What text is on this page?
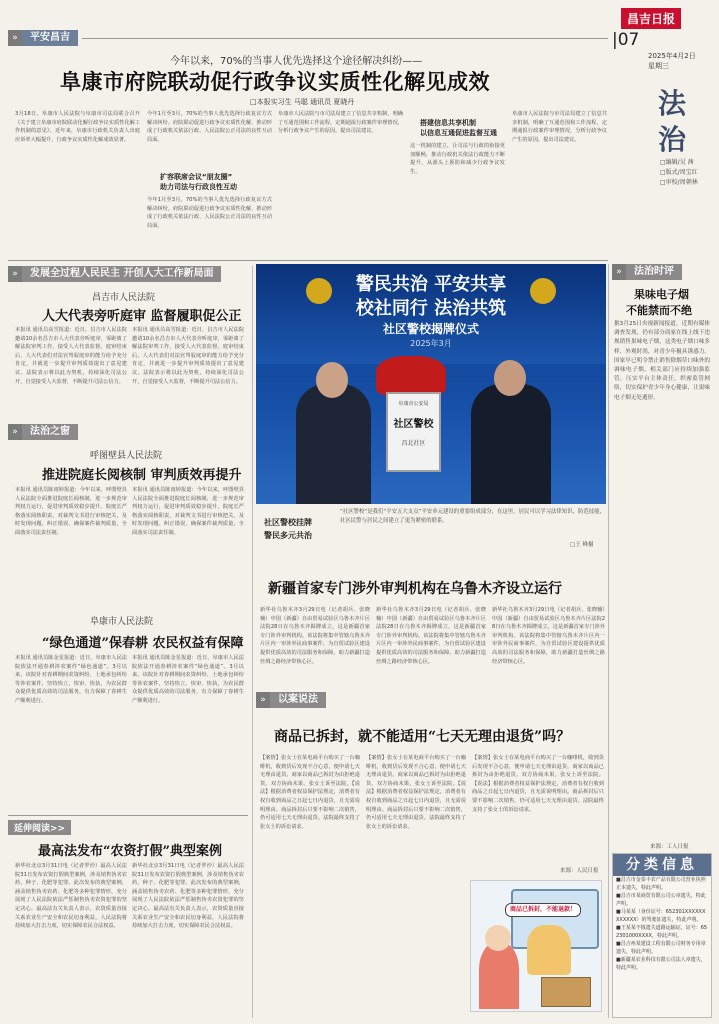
昌吉日报
|07
2025年4月2日
星期三
法
治
□编辑/吴 茜
□版式/周宝红
□审校/周朝林
»	平安昌吉
今年以来，70%的当事人优先选择这个途径解决纠纷——
阜康市府院联动促行政争议实质性化解见成效
□本报实习生 马聪 通讯员 夏晓丹
3月18日，阜康市人民法院与阜康市司法局联合召开《关于建立阜康市府院联动化解行政争议实质性化解工作机制的意见》。近年来，阜康市行政机关负责人出庭应诉率大幅提升，行政争议实质性化解成效显著。
今年1月至3月，70%的当事人优先选择行政复议方式解决纠纷。府院联动促进行政争议实质性化解，推动形成了行政机关依法行政、人民法院公正司法的良性互动局面。
扩容联席会议“朋友圈”
助力司法与行政良性互动
今年1月至3月，70%的当事人优先选择行政复议方式解决纠纷。府院联动促进行政争议实质性化解，推动形成了行政机关依法行政、人民法院公正司法的良性互动局面。
阜康市人民法院与市司法局建立了信息共享机制，明确了互通范围和工作流程，定期通报行政案件审理情况，分析行政争议产生的原因，提出司法建议。
搭建信息共享机制
以信息互通促进监督互通
这一机制的建立，让司法与行政的衔接更加顺畅，推动行政机关依法行政能力不断提升，从源头上预防和减少行政争议发生。
阜康市人民法院与市司法局建立了信息共享机制，明确了互通范围和工作流程，定期通报行政案件审理情况，分析行政争议产生的原因，提出司法建议。
»	发展全过程人民民主 开创人大工作新局面
昌吉市人民法院
人大代表旁听庭审 监督履职促公正
本报讯 通讯员高雪报道：近日，昌吉市人民法院邀请10余名昌吉市人大代表旁听庭审，零距离了解法院审判工作，接受人大代表监督。庭审结束后，人大代表们对法官驾驭庭审的能力给予充分肯定，并就进一步提升审判质效提出了意见建议。法院表示将以此为契机，持续深化司法公开，自觉接受人大监督，不断提升司法公信力。
本报讯 通讯员高雪报道：近日，昌吉市人民法院邀请10余名昌吉市人大代表旁听庭审，零距离了解法院审判工作，接受人大代表监督。庭审结束后，人大代表们对法官驾驭庭审的能力给予充分肯定，并就进一步提升审判质效提出了意见建议。法院表示将以此为契机，持续深化司法公开，自觉接受人大监督，不断提升司法公信力。
»	法治之窗
呼图壁县人民法院
推进院庭长阅核制 审判质效再提升
本报讯 通讯员陈雨婷报道：今年以来，呼图壁县人民法院全面推进院庭长阅核制，进一步规范审判权力运行，促进审判质效稳步提升。院庭长严格落实阅核职责，对裁判文书进行审核把关，及时发现问题、纠正错误，确保案件裁判质量，全面落实司法责任制。
本报讯 通讯员陈雨婷报道：今年以来，呼图壁县人民法院全面推进院庭长阅核制，进一步规范审判权力运行，促进审判质效稳步提升。院庭长严格落实阅核职责，对裁判文书进行审核把关，及时发现问题、纠正错误，确保案件裁判质量，全面落实司法责任制。
阜康市人民法院
“绿色通道”保春耕 农民权益有保障
本报讯 通讯员陈金星报道：近日，阜康市人民法院依法开通春耕涉农案件“绿色通道”。3月以来，该院针对春耕期间农资纠纷、土地承包纠纷等涉农案件，坚持快立、快审、快执，为农民群众提供优质高效的司法服务，有力保障了春耕生产顺利进行。
本报讯 通讯员陈金星报道：近日，阜康市人民法院依法开通春耕涉农案件“绿色通道”。3月以来，该院针对春耕期间农资纠纷、土地承包纠纷等涉农案件，坚持快立、快审、快执，为农民群众提供优质高效的司法服务，有力保障了春耕生产顺利进行。
延伸阅读>>
最高法发布“农资打假”典型案例
新华社北京3月31日电（记者罗沙）最高人民法院31日发布农资打假典型案例，涉及销售伪劣农药、种子、化肥等犯罪。此次发布的典型案例，涵盖销售伪劣农药、化肥等多种犯罪情形，充分展现了人民法院依法严惩制售伪劣农资犯罪的坚定决心。最高法有关负责人表示，农资质量直接关系农业生产安全和农民切身利益，人民法院将持续加大打击力度，切实保障农民合法权益。
新华社北京3月31日电（记者罗沙）最高人民法院31日发布农资打假典型案例，涉及销售伪劣农药、种子、化肥等犯罪。此次发布的典型案例，涵盖销售伪劣农药、化肥等多种犯罪情形，充分展现了人民法院依法严惩制售伪劣农资犯罪的坚定决心。最高法有关负责人表示，农资质量直接关系农业生产安全和农民切身利益，人民法院将持续加大打击力度，切实保障农民合法权益。
警民共治 平安共享
校社同行 法治共筑
社区警校揭牌仪式
2025年3月
阜康市公安局
社区警校
昌北社区
社区警校挂牌
警民多元共治
“社区警校”是我们“平安五大支点”平安单元建设的重要组成部分，在这里，居民可以学习法律知识、防范技能，社区民警与居民之间建立了更为紧密的联系。
□王 峰摄
新疆首家专门涉外审判机构在乌鲁木齐设立运行
新华社乌鲁木齐3月29日电（记者胡兵、张晓楠）中国（新疆）自由贸易试验区乌鲁木齐片区法院28日在乌鲁木齐揭牌成立，这是新疆首家专门涉外审判机构。该法院将集中管辖乌鲁木齐片区内一审涉外民商事案件，为自贸试验区建设提供优质高效的司法服务和保障，助力新疆打造丝绸之路经济带核心区。
新华社乌鲁木齐3月29日电（记者胡兵、张晓楠）中国（新疆）自由贸易试验区乌鲁木齐片区法院28日在乌鲁木齐揭牌成立，这是新疆首家专门涉外审判机构。该法院将集中管辖乌鲁木齐片区内一审涉外民商事案件，为自贸试验区建设提供优质高效的司法服务和保障，助力新疆打造丝绸之路经济带核心区。
新华社乌鲁木齐3月29日电（记者胡兵、张晓楠）中国（新疆）自由贸易试验区乌鲁木齐片区法院28日在乌鲁木齐揭牌成立，这是新疆首家专门涉外审判机构。该法院将集中管辖乌鲁木齐片区内一审涉外民商事案件，为自贸试验区建设提供优质高效的司法服务和保障，助力新疆打造丝绸之路经济带核心区。
»	以案说法
商品已拆封，就不能适用“七天无理由退货”吗？
【案情】张女士在某电商平台购买了一台咖啡机，收到货后发现不合心意，便申请七天无理由退货。商家以商品已拆封为由拒绝退货。双方协商未果，张女士诉至法院。【说法】根据消费者权益保护法规定，消费者有权自收到商品之日起七日内退货，且无需说明理由。商品拆封后只要不影响二次销售，仍可适用七天无理由退货。法院最终支持了张女士的诉讼请求。
【案情】张女士在某电商平台购买了一台咖啡机，收到货后发现不合心意，便申请七天无理由退货。商家以商品已拆封为由拒绝退货。双方协商未果，张女士诉至法院。【说法】根据消费者权益保护法规定，消费者有权自收到商品之日起七日内退货，且无需说明理由。商品拆封后只要不影响二次销售，仍可适用七天无理由退货。法院最终支持了张女士的诉讼请求。
【案情】张女士在某电商平台购买了一台咖啡机，收到货后发现不合心意，便申请七天无理由退货。商家以商品已拆封为由拒绝退货。双方协商未果，张女士诉至法院。【说法】根据消费者权益保护法规定，消费者有权自收到商品之日起七日内退货，且无需说明理由。商品拆封后只要不影响二次销售，仍可适用七天无理由退货。法院最终支持了张女士的诉讼请求。
来源：人民日报
商品已拆封，不能退款！
»	法治时评
果味电子烟
不能禁而不绝
据3月25日央视新闻报道，近期有媒体调查发现，仍有部分商家在线上线下违规销售果味电子烟，这类电子烟口味多样、外观时尚，对青少年极具诱惑力。国家早已明令禁止销售除烟草口味外的调味电子烟，相关部门应持续加强监管，压实平台主体责任，织密监管网络，切实保护青少年身心健康，让果味电子烟无处遁形。
来源：工人日报
分类信息
■昌吉市金泰丰农产品有限公司营业执照正本遗失，特此声明。
■昌吉市某商贸有限公司公章遗失，特此声明。
■马某某（身份证号：652301XXXXXXXXXXXX）的驾驶证遗失，特此声明。
■王某某不慎遗失道路运输证，证号：652301000XXXX，特此声明。
■昌吉州某建设工程有限公司财务专用章遗失，特此声明。
■新疆某农业科技有限公司法人章遗失，特此声明。
